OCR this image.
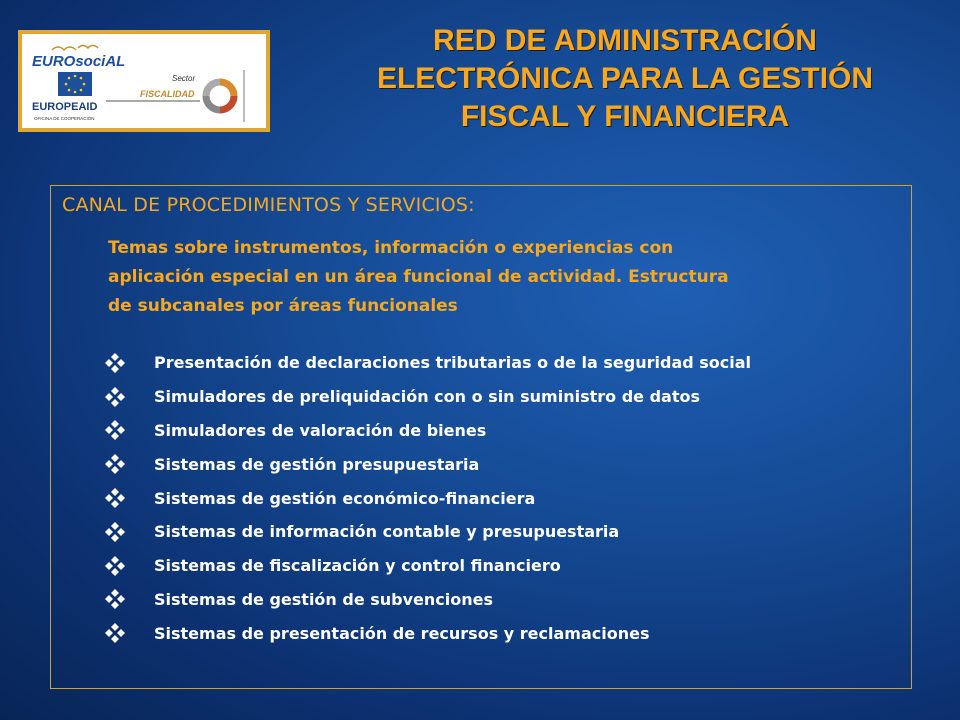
EUROsociAL
EUROPEAID
OFICINA DE COOPERACIÓN
Sector
FISCALIDAD
RED DE ADMINISTRACIÓN
ELECTRÓNICA PARA LA GESTIÓN
FISCAL Y FINANCIERA
CANAL DE PROCEDIMIENTOS Y SERVICIOS:
Temas sobre instrumentos, información o experiencias con
aplicación especial en un área funcional de actividad. Estructura
de subcanales por áreas funcionales
Presentación de declaraciones tributarias o de la seguridad social
Simuladores de preliquidación con o sin suministro de datos
Simuladores de valoración de bienes
Sistemas de gestión presupuestaria
Sistemas de gestión económico-financiera
Sistemas de información contable y presupuestaria
Sistemas de fiscalización y control financiero
Sistemas de gestión de subvenciones
Sistemas de presentación de recursos y reclamaciones
